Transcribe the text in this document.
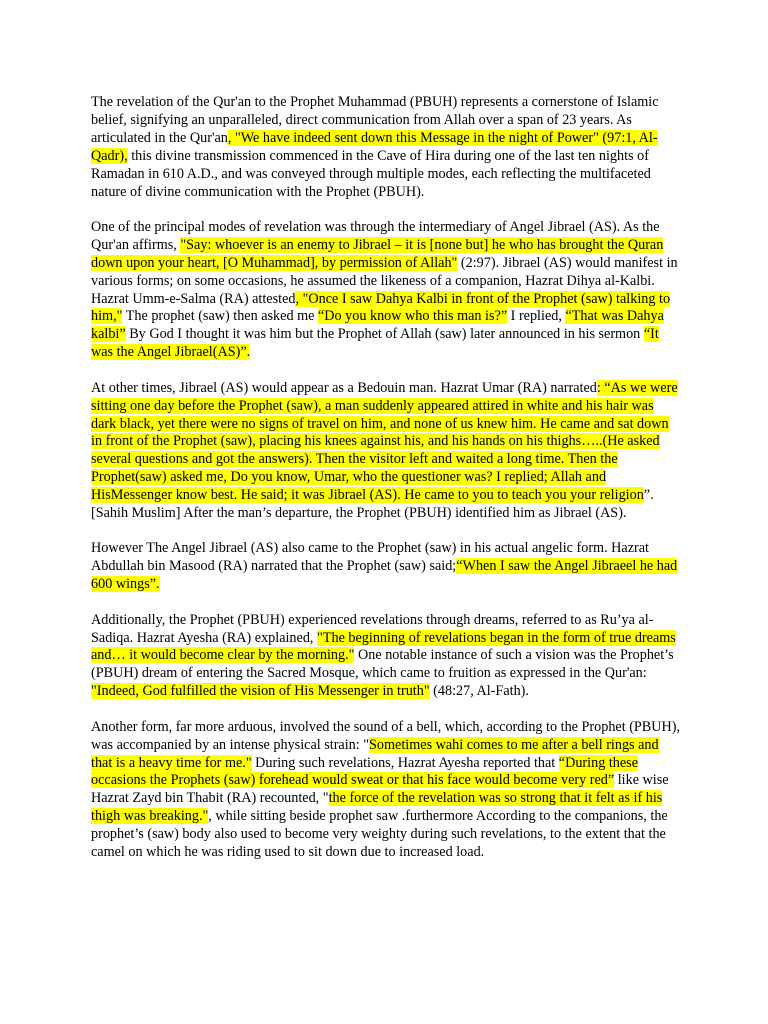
The revelation of the Qur'an to the Prophet Muhammad (PBUH) represents a cornerstone of Islamic belief, signifying an unparalleled, direct communication from Allah over a span of 23 years. As articulated in the Qur'an, "We have indeed sent down this Message in the night of Power" (97:1, Al-Qadr), this divine transmission commenced in the Cave of Hira during one of the last ten nights of Ramadan in 610 A.D., and was conveyed through multiple modes, each reflecting the multifaceted nature of divine communication with the Prophet (PBUH).

One of the principal modes of revelation was through the intermediary of Angel Jibrael (AS). As the Qur'an affirms, "Say: whoever is an enemy to Jibrael – it is [none but] he who has brought the Quran down upon your heart, [O Muhammad], by permission of Allah" (2:97). Jibrael (AS) would manifest in various forms; on some occasions, he assumed the likeness of a companion, Hazrat Dihya al-Kalbi. Hazrat Umm-e-Salma (RA) attested, "Once I saw Dahya Kalbi in front of the Prophet (saw) talking to him," The prophet (saw) then asked me “Do you know who this man is?” I replied, “That was Dahya kalbi” By God I thought it was him but the Prophet of Allah (saw) later announced in his sermon “It was the Angel Jibrael(AS)”.

At other times, Jibrael (AS) would appear as a Bedouin man. Hazrat Umar (RA) narrated: “As we were sitting one day before the Prophet (saw), a man suddenly appeared attired in white and his hair was dark black, yet there were no signs of travel on him, and none of us knew him. He came and sat down in front of the Prophet (saw), placing his knees against his, and his hands on his thighs…..(He asked several questions and got the answers). Then the visitor left and waited a long time. Then the Prophet(saw) asked me, Do you know, Umar, who the questioner was? I replied; Allah and HisMessenger know best. He said; it was Jibrael (AS). He came to you to teach you your religion”.[Sahih Muslim] After the man’s departure, the Prophet (PBUH) identified him as Jibrael (AS).

However The Angel Jibrael (AS) also came to the Prophet (saw) in his actual angelic form. Hazrat Abdullah bin Masood (RA) narrated that the Prophet (saw) said;“When I saw the Angel Jibraeel he had 600 wings”.

Additionally, the Prophet (PBUH) experienced revelations through dreams, referred to as Ru’ya al-Sadiqa. Hazrat Ayesha (RA) explained, "The beginning of revelations began in the form of true dreams and… it would become clear by the morning." One notable instance of such a vision was the Prophet’s (PBUH) dream of entering the Sacred Mosque, which came to fruition as expressed in the Qur'an: "Indeed, God fulfilled the vision of His Messenger in truth" (48:27, Al-Fath).

Another form, far more arduous, involved the sound of a bell, which, according to the Prophet (PBUH), was accompanied by an intense physical strain: "Sometimes wahi comes to me after a bell rings and that is a heavy time for me." During such revelations, Hazrat Ayesha reported that “During these occasions the Prophets (saw) forehead would sweat or that his face would become very red” like wise Hazrat Zayd bin Thabit (RA) recounted, "the force of the revelation was so strong that it felt as if his thigh was breaking.", while sitting beside prophet saw .furthermore According to the companions, the prophet’s (saw) body also used to become very weighty during such revelations, to the extent that the camel on which he was riding used to sit down due to increased load.
